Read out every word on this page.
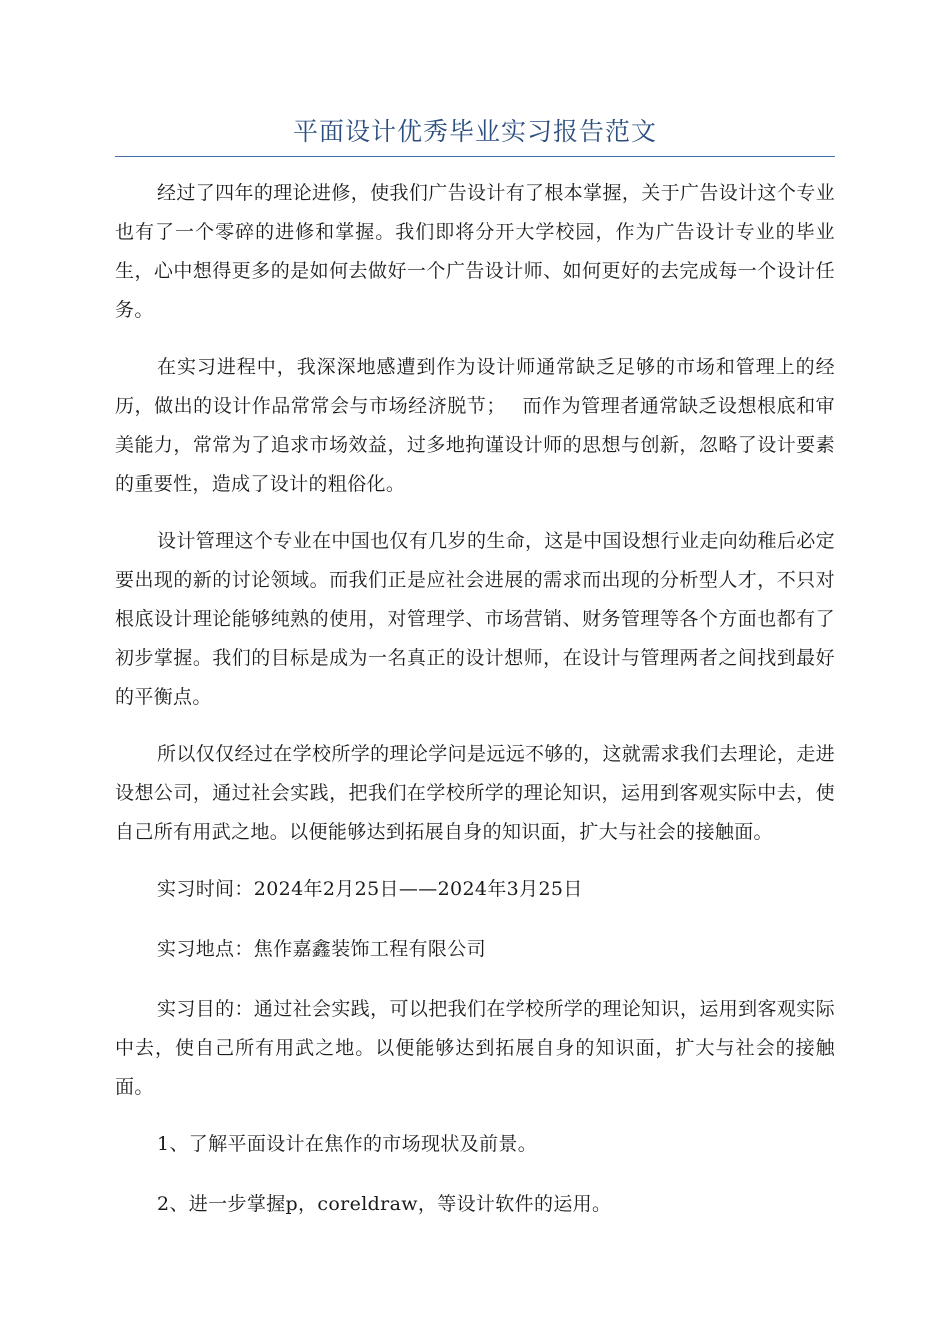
平面设计优秀毕业实习报告范文

经过了四年的理论进修，使我们广告设计有了根本掌握，关于广告设计这个专业也有了一个零碎的进修和掌握。我们即将分开大学校园，作为广告设计专业的毕业生，心中想得更多的是如何去做好一个广告设计师、如何更好的去完成每一个设计任务。

在实习进程中，我深深地感遭到作为设计师通常缺乏足够的市场和管理上的经历，做出的设计作品常常会与市场经济脱节；　 而作为管理者通常缺乏设想根底和审美能力，常常为了追求市场效益，过多地拘谨设计师的思想与创新，忽略了设计要素的重要性，造成了设计的粗俗化。

设计管理这个专业在中国也仅有几岁的生命，这是中国设想行业走向幼稚后必定要出现的新的讨论领域。而我们正是应社会进展的需求而出现的分析型人才，不只对根底设计理论能够纯熟的使用，对管理学、市场营销、财务管理等各个方面也都有了初步掌握。我们的目标是成为一名真正的设计想师，在设计与管理两者之间找到最好的平衡点。

所以仅仅经过在学校所学的理论学问是远远不够的，这就需求我们去理论，走进设想公司，通过社会实践，把我们在学校所学的理论知识，运用到客观实际中去，使自己所有用武之地。以便能够达到拓展自身的知识面，扩大与社会的接触面。

实习时间：2024年2月25日——2024年3月25日

实习地点：焦作嘉鑫装饰工程有限公司

实习目的：通过社会实践，可以把我们在学校所学的理论知识，运用到客观实际中去，使自己所有用武之地。以便能够达到拓展自身的知识面，扩大与社会的接触面。

1、了解平面设计在焦作的市场现状及前景。

2、进一步掌握p，coreldraw，等设计软件的运用。
